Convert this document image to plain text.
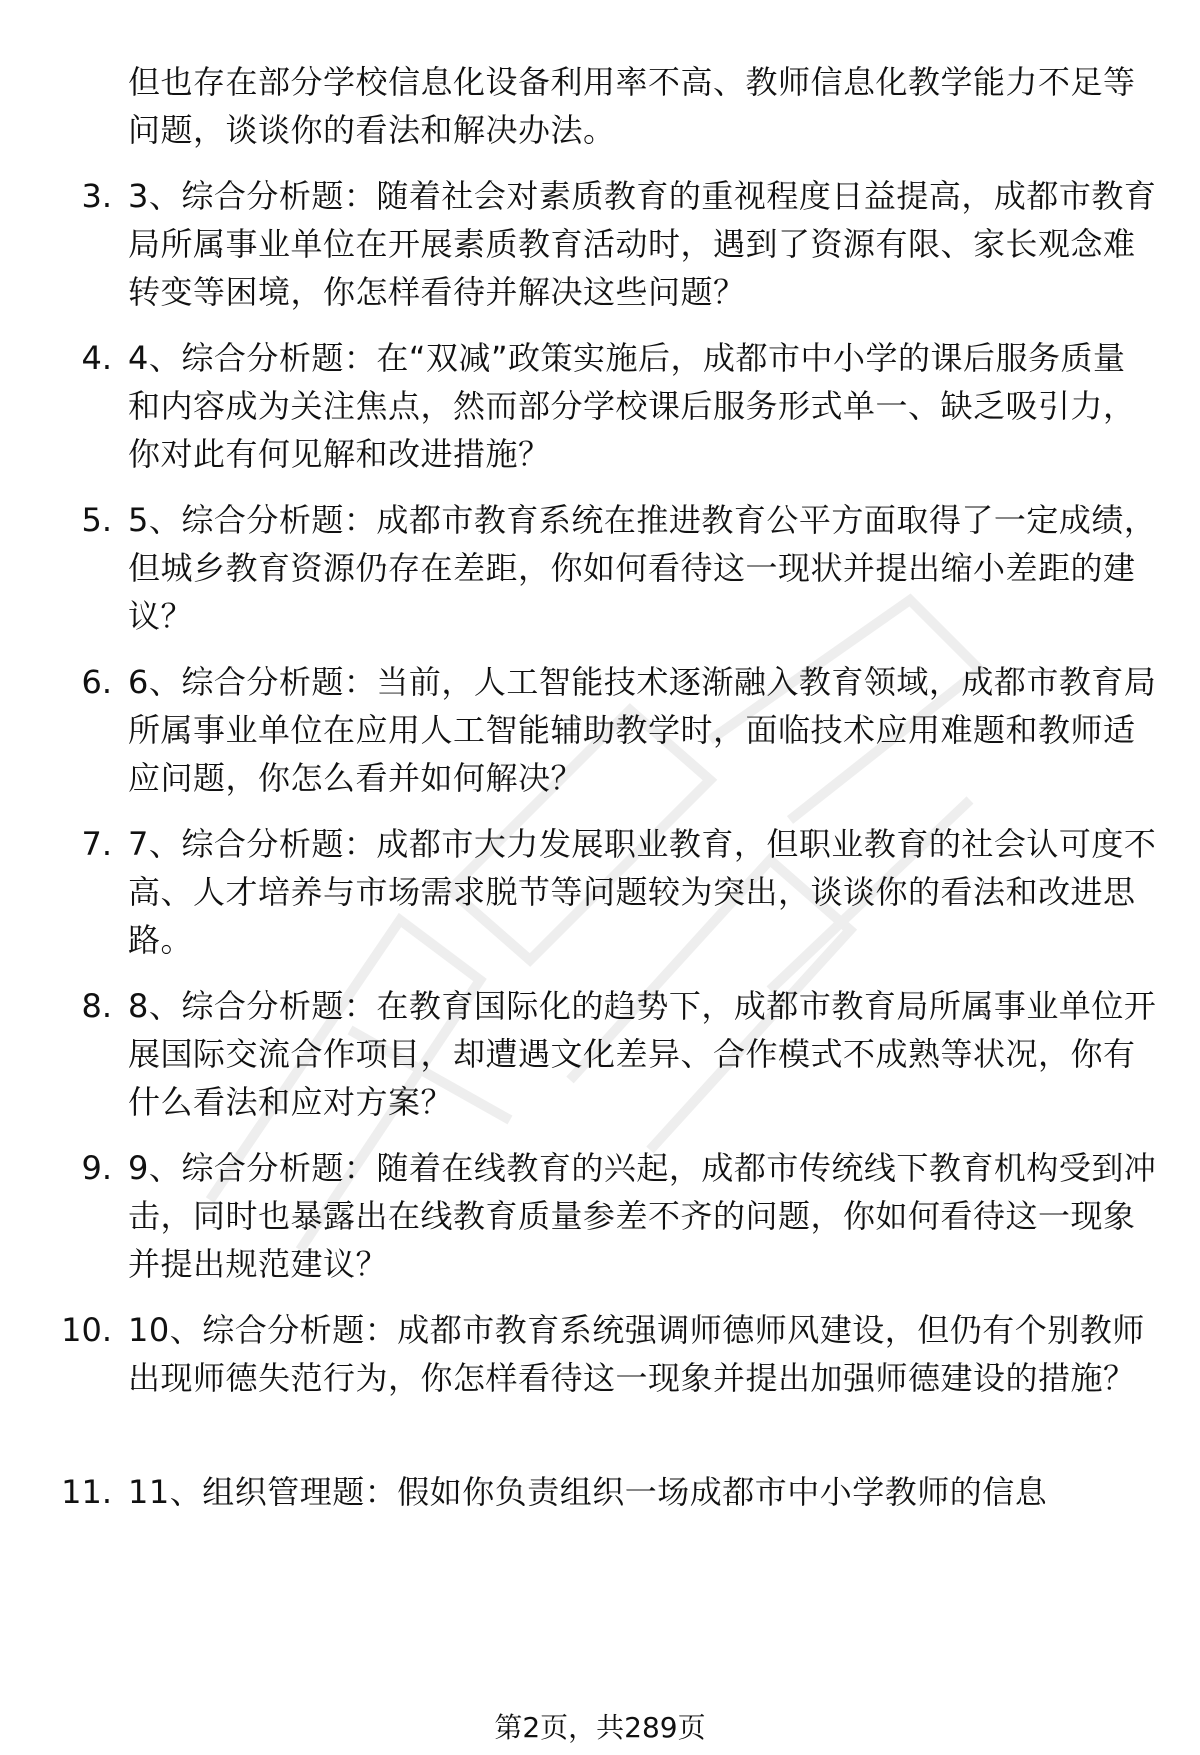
但也存在部分学校信息化设备利用率不高、教师信息化教学能力不足等问题，谈谈你的看法和解决办法。
3. 3、综合分析题：随着社会对素质教育的重视程度日益提高，成都市教育局所属事业单位在开展素质教育活动时，遇到了资源有限、家长观念难转变等困境，你怎样看待并解决这些问题？
4. 4、综合分析题：在“双减”政策实施后，成都市中小学的课后服务质量和内容成为关注焦点，然而部分学校课后服务形式单一、缺乏吸引力，你对此有何见解和改进措施？
5. 5、综合分析题：成都市教育系统在推进教育公平方面取得了一定成绩，但城乡教育资源仍存在差距，你如何看待这一现状并提出缩小差距的建议？
6. 6、综合分析题：当前，人工智能技术逐渐融入教育领域，成都市教育局所属事业单位在应用人工智能辅助教学时，面临技术应用难题和教师适应问题，你怎么看并如何解决？
7. 7、综合分析题：成都市大力发展职业教育，但职业教育的社会认可度不高、人才培养与市场需求脱节等问题较为突出，谈谈你的看法和改进思路。
8. 8、综合分析题：在教育国际化的趋势下，成都市教育局所属事业单位开展国际交流合作项目，却遭遇文化差异、合作模式不成熟等状况，你有什么看法和应对方案？
9. 9、综合分析题：随着在线教育的兴起，成都市传统线下教育机构受到冲击，同时也暴露出在线教育质量参差不齐的问题，你如何看待这一现象并提出规范建议？
10. 10、综合分析题：成都市教育系统强调师德师风建设，但仍有个别教师出现师德失范行为，你怎样看待这一现象并提出加强师德建设的措施？
11. 11、组织管理题：假如你负责组织一场成都市中小学教师的信息
第2页，共289页
